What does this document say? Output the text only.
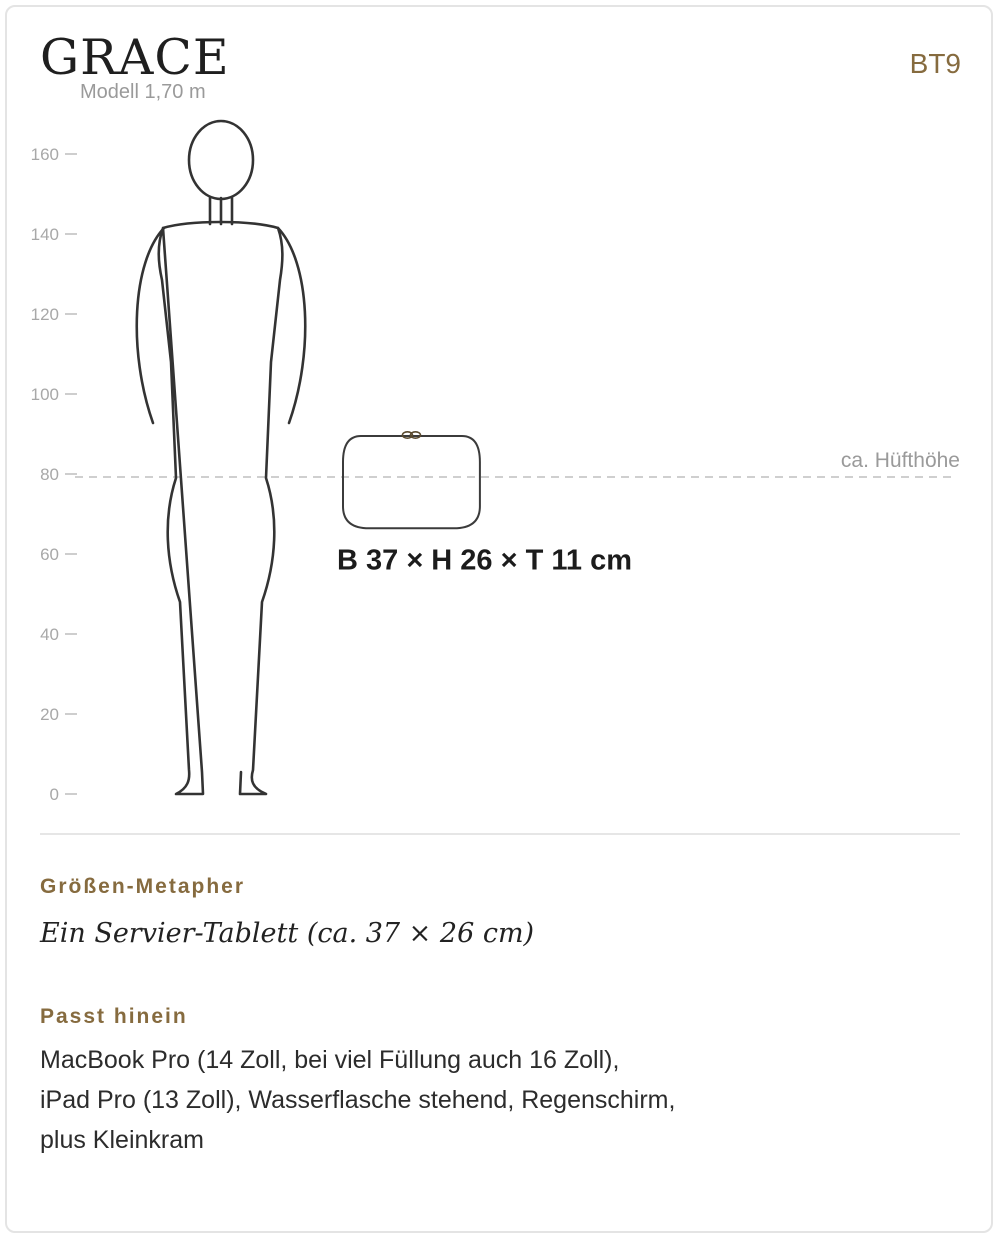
GRACE
Modell 1,70 m
BT9
160
140
120
100
80
60
40
20
0
ca. Hüfthöhe
B 37 × H 26 × T 11 cm
Größen-Metapher
Ein Servier-Tablett (ca. 37 × 26 cm)
Passt hinein
MacBook Pro (14 Zoll, bei viel Füllung auch 16 Zoll),
iPad Pro (13 Zoll), Wasserflasche stehend, Regenschirm,
plus Kleinkram
